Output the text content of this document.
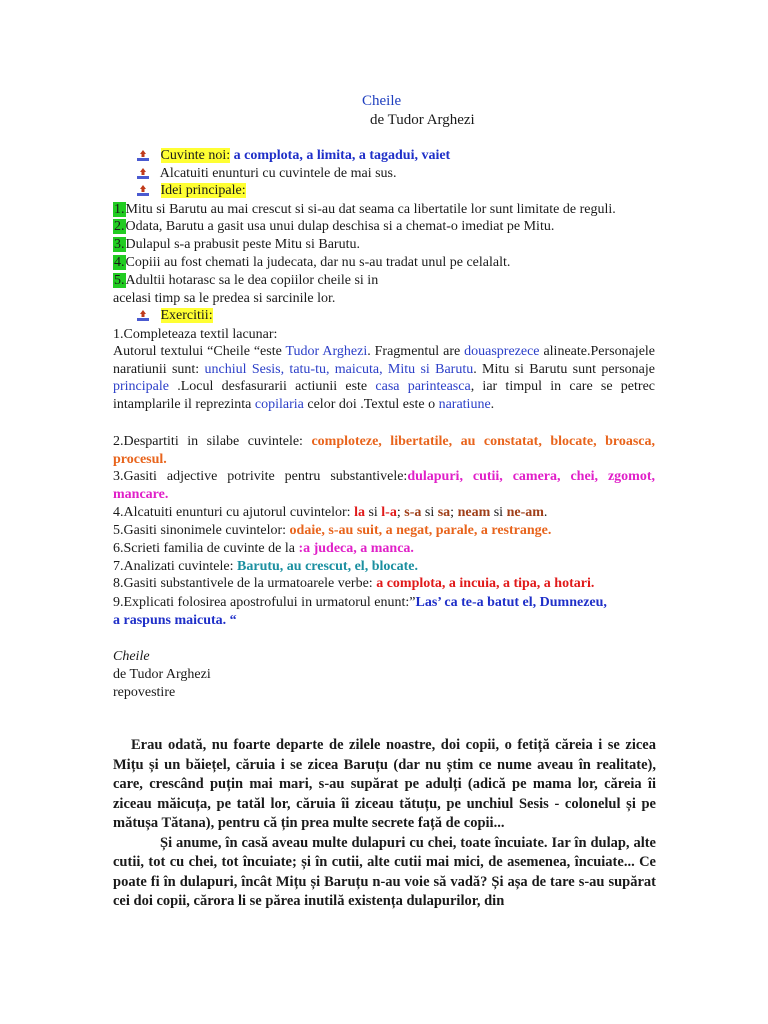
Cheile
de Tudor Arghezi
Cuvinte noi: a complota, a limita, a tagadui, vaiet
Alcatuiti enunturi cu cuvintele de mai sus.
Idei principale:
1.Mitu si Barutu au mai crescut si si-au dat seama ca libertatile lor sunt limitate de reguli.
2.Odata, Barutu a gasit usa unui dulap deschisa si a chemat-o imediat pe Mitu.
3.Dulapul s-a prabusit peste Mitu si Barutu.
4.Copiii au fost chemati la judecata, dar nu s-au tradat unul pe celalalt.
5.Adultii hotarasc sa le dea copiilor cheile si in
acelasi timp sa le predea si sarcinile lor.
Exercitii:
1.Completeaza textil lacunar:
Autorul textului “Cheile “este Tudor Arghezi. Fragmentul are douasprezece alineate.Personajele naratiunii sunt: unchiul Sesis, tatu-tu, maicuta, Mitu si Barutu. Mitu si Barutu sunt personaje principale .Locul desfasurarii actiunii este casa parinteasca, iar timpul in care se petrec intamplarile il reprezinta copilaria celor doi .Textul este o naratiune.
2.Despartiti in silabe cuvintele: comploteze, libertatile, au constatat, blocate, broasca, procesul.
3.Gasiti adjective potrivite pentru substantivele:dulapuri, cutii, camera, chei, zgomot, mancare.
4.Alcatuiti enunturi cu ajutorul cuvintelor: la si l-a; s-a si sa; neam si ne-am.
5.Gasiti sinonimele cuvintelor: odaie, s-au suit, a negat, parale, a restrange.
6.Scrieti familia de cuvinte de la :a judeca, a manca.
7.Analizati cuvintele: Barutu, au crescut, el, blocate.
8.Gasiti substantivele de la urmatoarele verbe: a complota, a incuia, a tipa, a hotari.
9.Explicati folosirea apostrofului in urmatorul enunt:”Las’ ca te-a batut el, Dumnezeu,
a raspuns maicuta. “
Cheile
de Tudor Arghezi
repovestire

Erau odată, nu foarte departe de zilele noastre, doi copii, o fetiță căreia i se zicea Mițu și un băiețel, căruia i se zicea Baruțu (dar nu știm ce nume aveau în realitate), care, crescând puțin mai mari, s-au supărat pe adulți (adică pe mama lor, căreia îi ziceau măicuța, pe tatăl lor, căruia îi ziceau tătuțu, pe unchiul Sesis - colonelul și pe mătușa Tătana), pentru că țin prea multe secrete față de copii...

Și anume, în casă aveau multe dulapuri cu chei, toate încuiate. Iar în dulap, alte cutii, tot cu chei, tot încuiate; și în cutii, alte cutii mai mici, de asemenea, încuiate... Ce poate fi în dulapuri, încât Mițu și Baruțu n-au voie să vadă? Și așa de tare s-au supărat cei doi copii, cărora li se părea inutilă existența dulapurilor, din
